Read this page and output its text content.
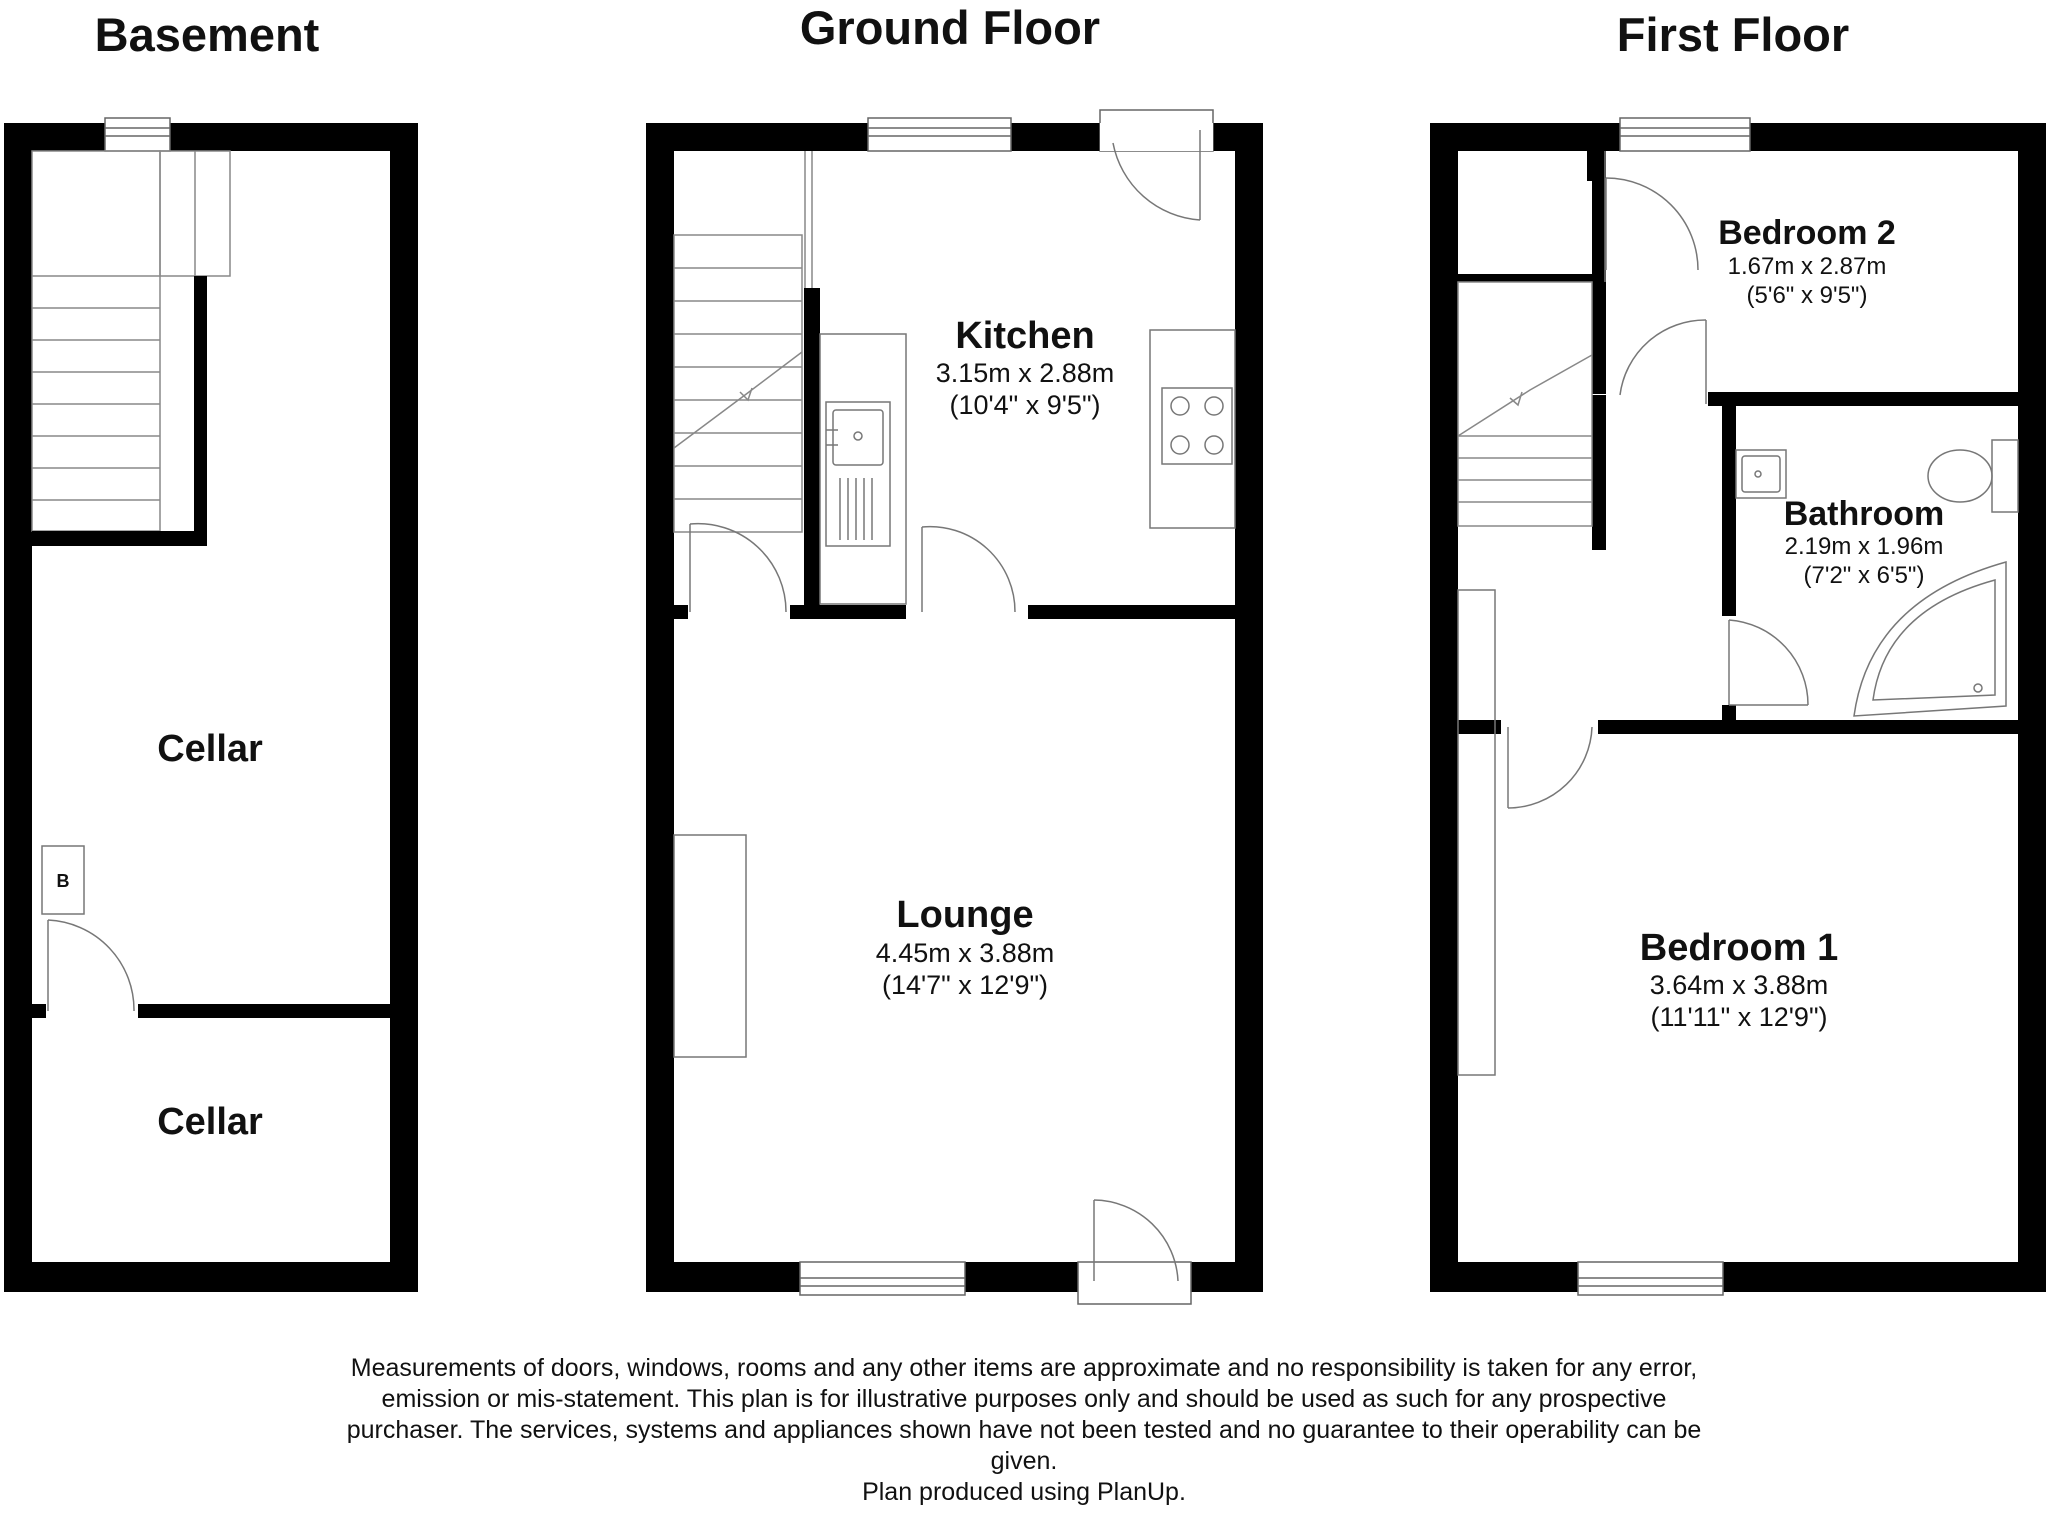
Basement
B
Cellar
Cellar
Ground Floor
Kitchen
3.15m x 2.88m
(10'4" x 9'5")
Lounge
4.45m x 3.88m
(14'7" x 12'9")
First Floor
Bedroom 2
1.67m x 2.87m
(5'6" x 9'5")
Bathroom
2.19m x 1.96m
(7'2" x 6'5")
Bedroom 1
3.64m x 3.88m
(11'11" x 12'9")
Measurements of doors, windows, rooms and any other items are approximate and no responsibility is taken for any error,
emission or mis-statement. This plan is for illustrative purposes only and should be used as such for any prospective
purchaser. The services, systems and appliances shown have not been tested and no guarantee to their operability can be
given.
Plan produced using PlanUp.
